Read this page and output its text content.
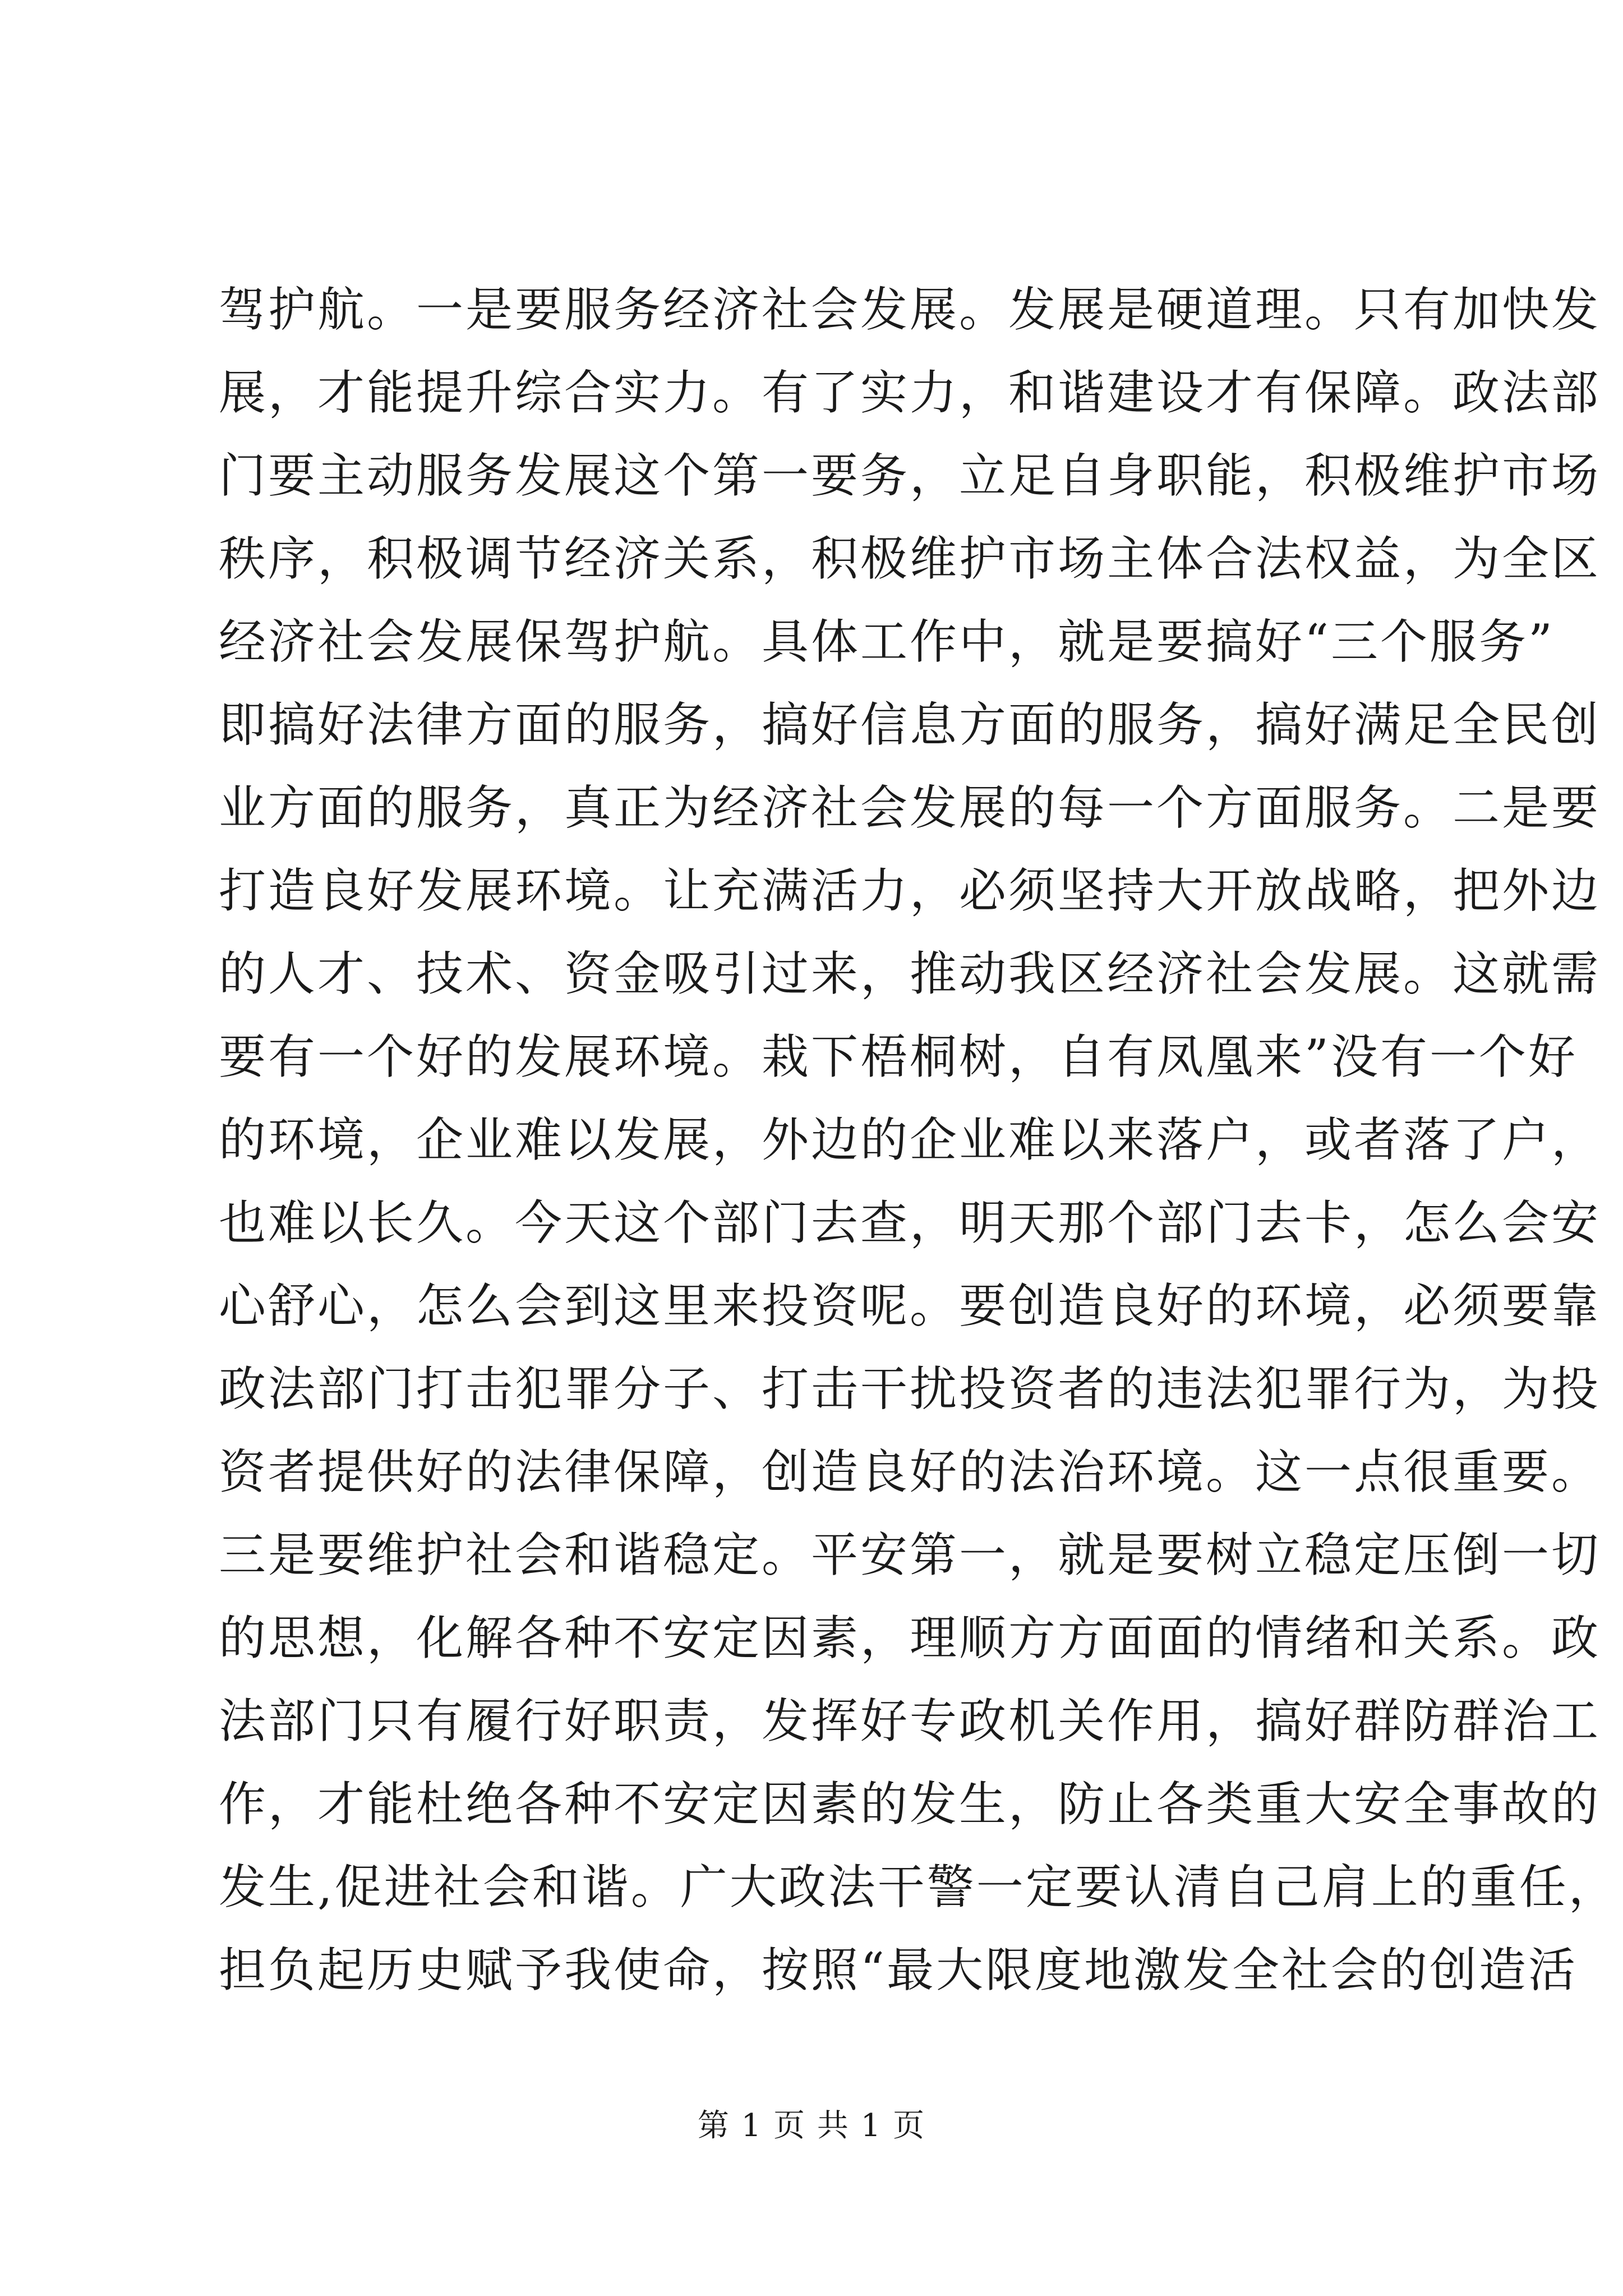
驾护航。一是要服务经济社会发展。发展是硬道理。只有加快发
展，才能提升综合实力。有了实力，和谐建设才有保障。政法部
门要主动服务发展这个第一要务，立足自身职能，积极维护市场
秩序，积极调节经济关系，积极维护市场主体合法权益，为全区
经济社会发展保驾护航。具体工作中，就是要搞好“三个服务”
即搞好法律方面的服务，搞好信息方面的服务，搞好满足全民创
业方面的服务，真正为经济社会发展的每一个方面服务。二是要
打造良好发展环境。让充满活力，必须坚持大开放战略，把外边
的人才、技术、资金吸引过来，推动我区经济社会发展。这就需
要有一个好的发展环境。栽下梧桐树，自有凤凰来”没有一个好
的环境，企业难以发展，外边的企业难以来落户，或者落了户，
也难以长久。今天这个部门去查，明天那个部门去卡，怎么会安
心舒心，怎么会到这里来投资呢。要创造良好的环境，必须要靠
政法部门打击犯罪分子、打击干扰投资者的违法犯罪行为，为投
资者提供好的法律保障，创造良好的法治环境。这一点很重要。
三是要维护社会和谐稳定。平安第一，就是要树立稳定压倒一切
的思想，化解各种不安定因素，理顺方方面面的情绪和关系。政
法部门只有履行好职责，发挥好专政机关作用，搞好群防群治工
作，才能杜绝各种不安定因素的发生，防止各类重大安全事故的
发生,促进社会和谐。广大政法干警一定要认清自己肩上的重任，
担负起历史赋予我使命，按照“最大限度地激发全社会的创造活
第 1 页 共 1 页
